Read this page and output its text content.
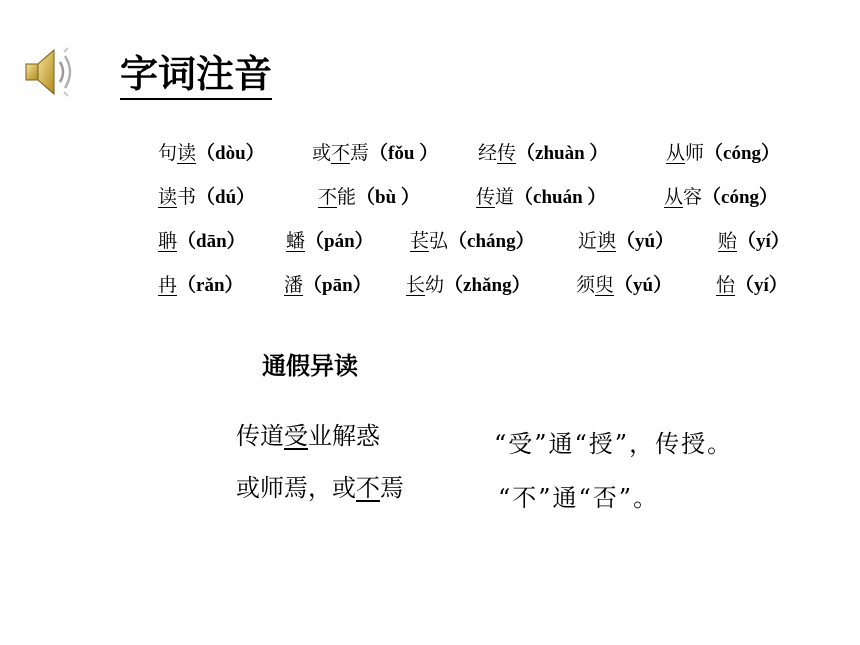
字词注音
句读（dòu） 或不焉（fǒu ） 经传（zhuàn ）	从师（cóng）
读书（dú）	不能（bù ）	传道（chuán ）	从容（cóng）
聃（dān） 蟠（pán） 苌弘（cháng） 近谀（yú） 贻（yí）
冉（rǎn） 潘（pān） 长幼（zhǎng） 须臾（yú） 怡（yí）
通假异读
传道受业解惑	“受”通“授”，传授。
或师焉，或不焉	“不”通“否”。
